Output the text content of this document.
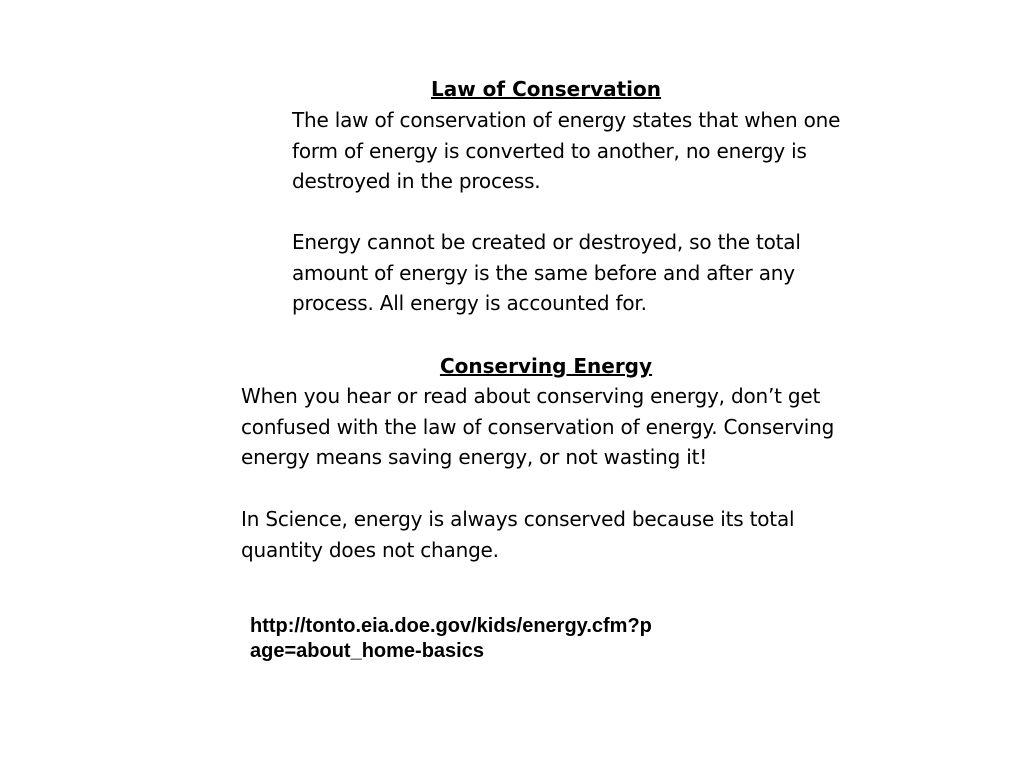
Law of Conservation

The law of conservation of energy states that when one form of energy is converted to another, no energy is destroyed in the process.

Energy cannot be created or destroyed, so the total amount of energy is the same before and after any process. All energy is accounted for.

Conserving Energy

When you hear or read about conserving energy, don’t get confused with the law of conservation of energy. Conserving energy means saving energy, or not wasting it!

In Science, energy is always conserved because its total quantity does not change.

http://tonto.eia.doe.gov/kids/energy.cfm?p
age=about_home-basics
